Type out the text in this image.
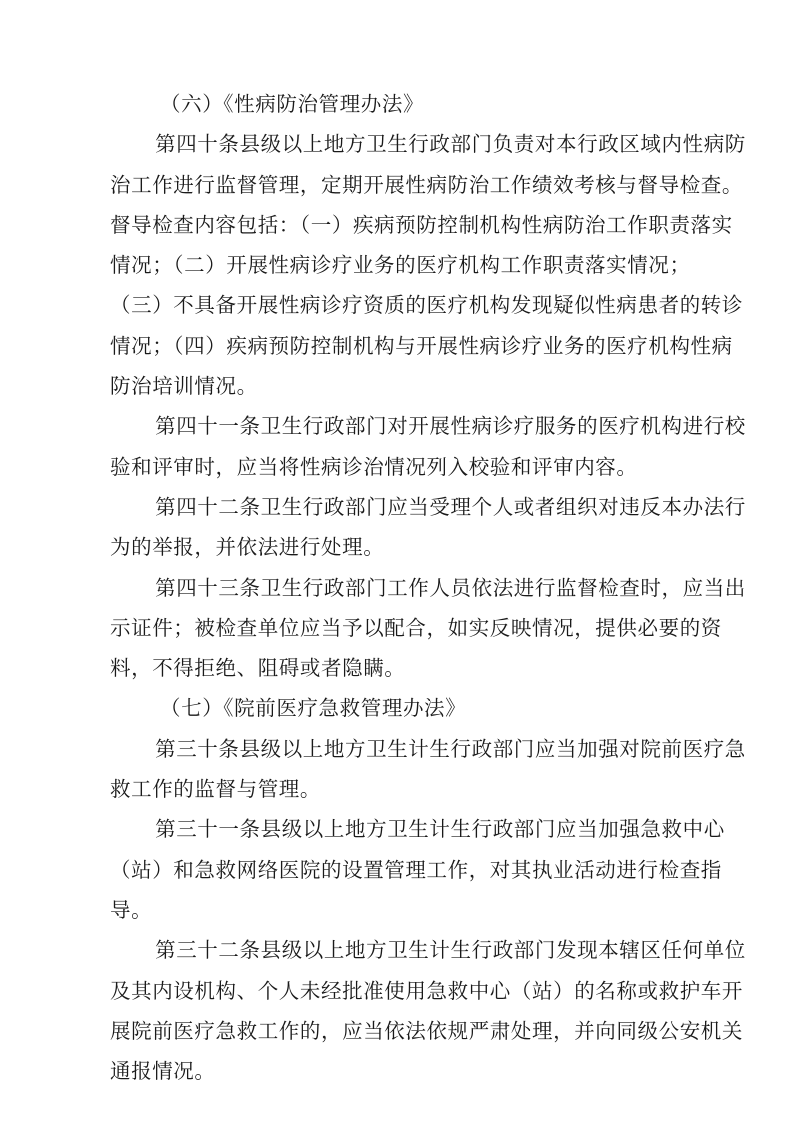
（六）《性病防治管理办法》

第四十条县级以上地方卫生行政部门负责对本行政区域内性病防
治工作进行监督管理，定期开展性病防治工作绩效考核与督导检查。
督导检查内容包括：（一）疾病预防控制机构性病防治工作职责落实
情况；（二）开展性病诊疗业务的医疗机构工作职责落实情况；
（三）不具备开展性病诊疗资质的医疗机构发现疑似性病患者的转诊
情况；（四）疾病预防控制机构与开展性病诊疗业务的医疗机构性病
防治培训情况。

第四十一条卫生行政部门对开展性病诊疗服务的医疗机构进行校
验和评审时，应当将性病诊治情况列入校验和评审内容。

第四十二条卫生行政部门应当受理个人或者组织对违反本办法行
为的举报，并依法进行处理。

第四十三条卫生行政部门工作人员依法进行监督检查时，应当出
示证件；被检查单位应当予以配合，如实反映情况，提供必要的资
料，不得拒绝、阻碍或者隐瞒。

（七）《院前医疗急救管理办法》

第三十条县级以上地方卫生计生行政部门应当加强对院前医疗急
救工作的监督与管理。

第三十一条县级以上地方卫生计生行政部门应当加强急救中心
（站）和急救网络医院的设置管理工作，对其执业活动进行检查指
导。

第三十二条县级以上地方卫生计生行政部门发现本辖区任何单位
及其内设机构、个人未经批准使用急救中心（站）的名称或救护车开
展院前医疗急救工作的，应当依法依规严肃处理，并向同级公安机关
通报情况。
